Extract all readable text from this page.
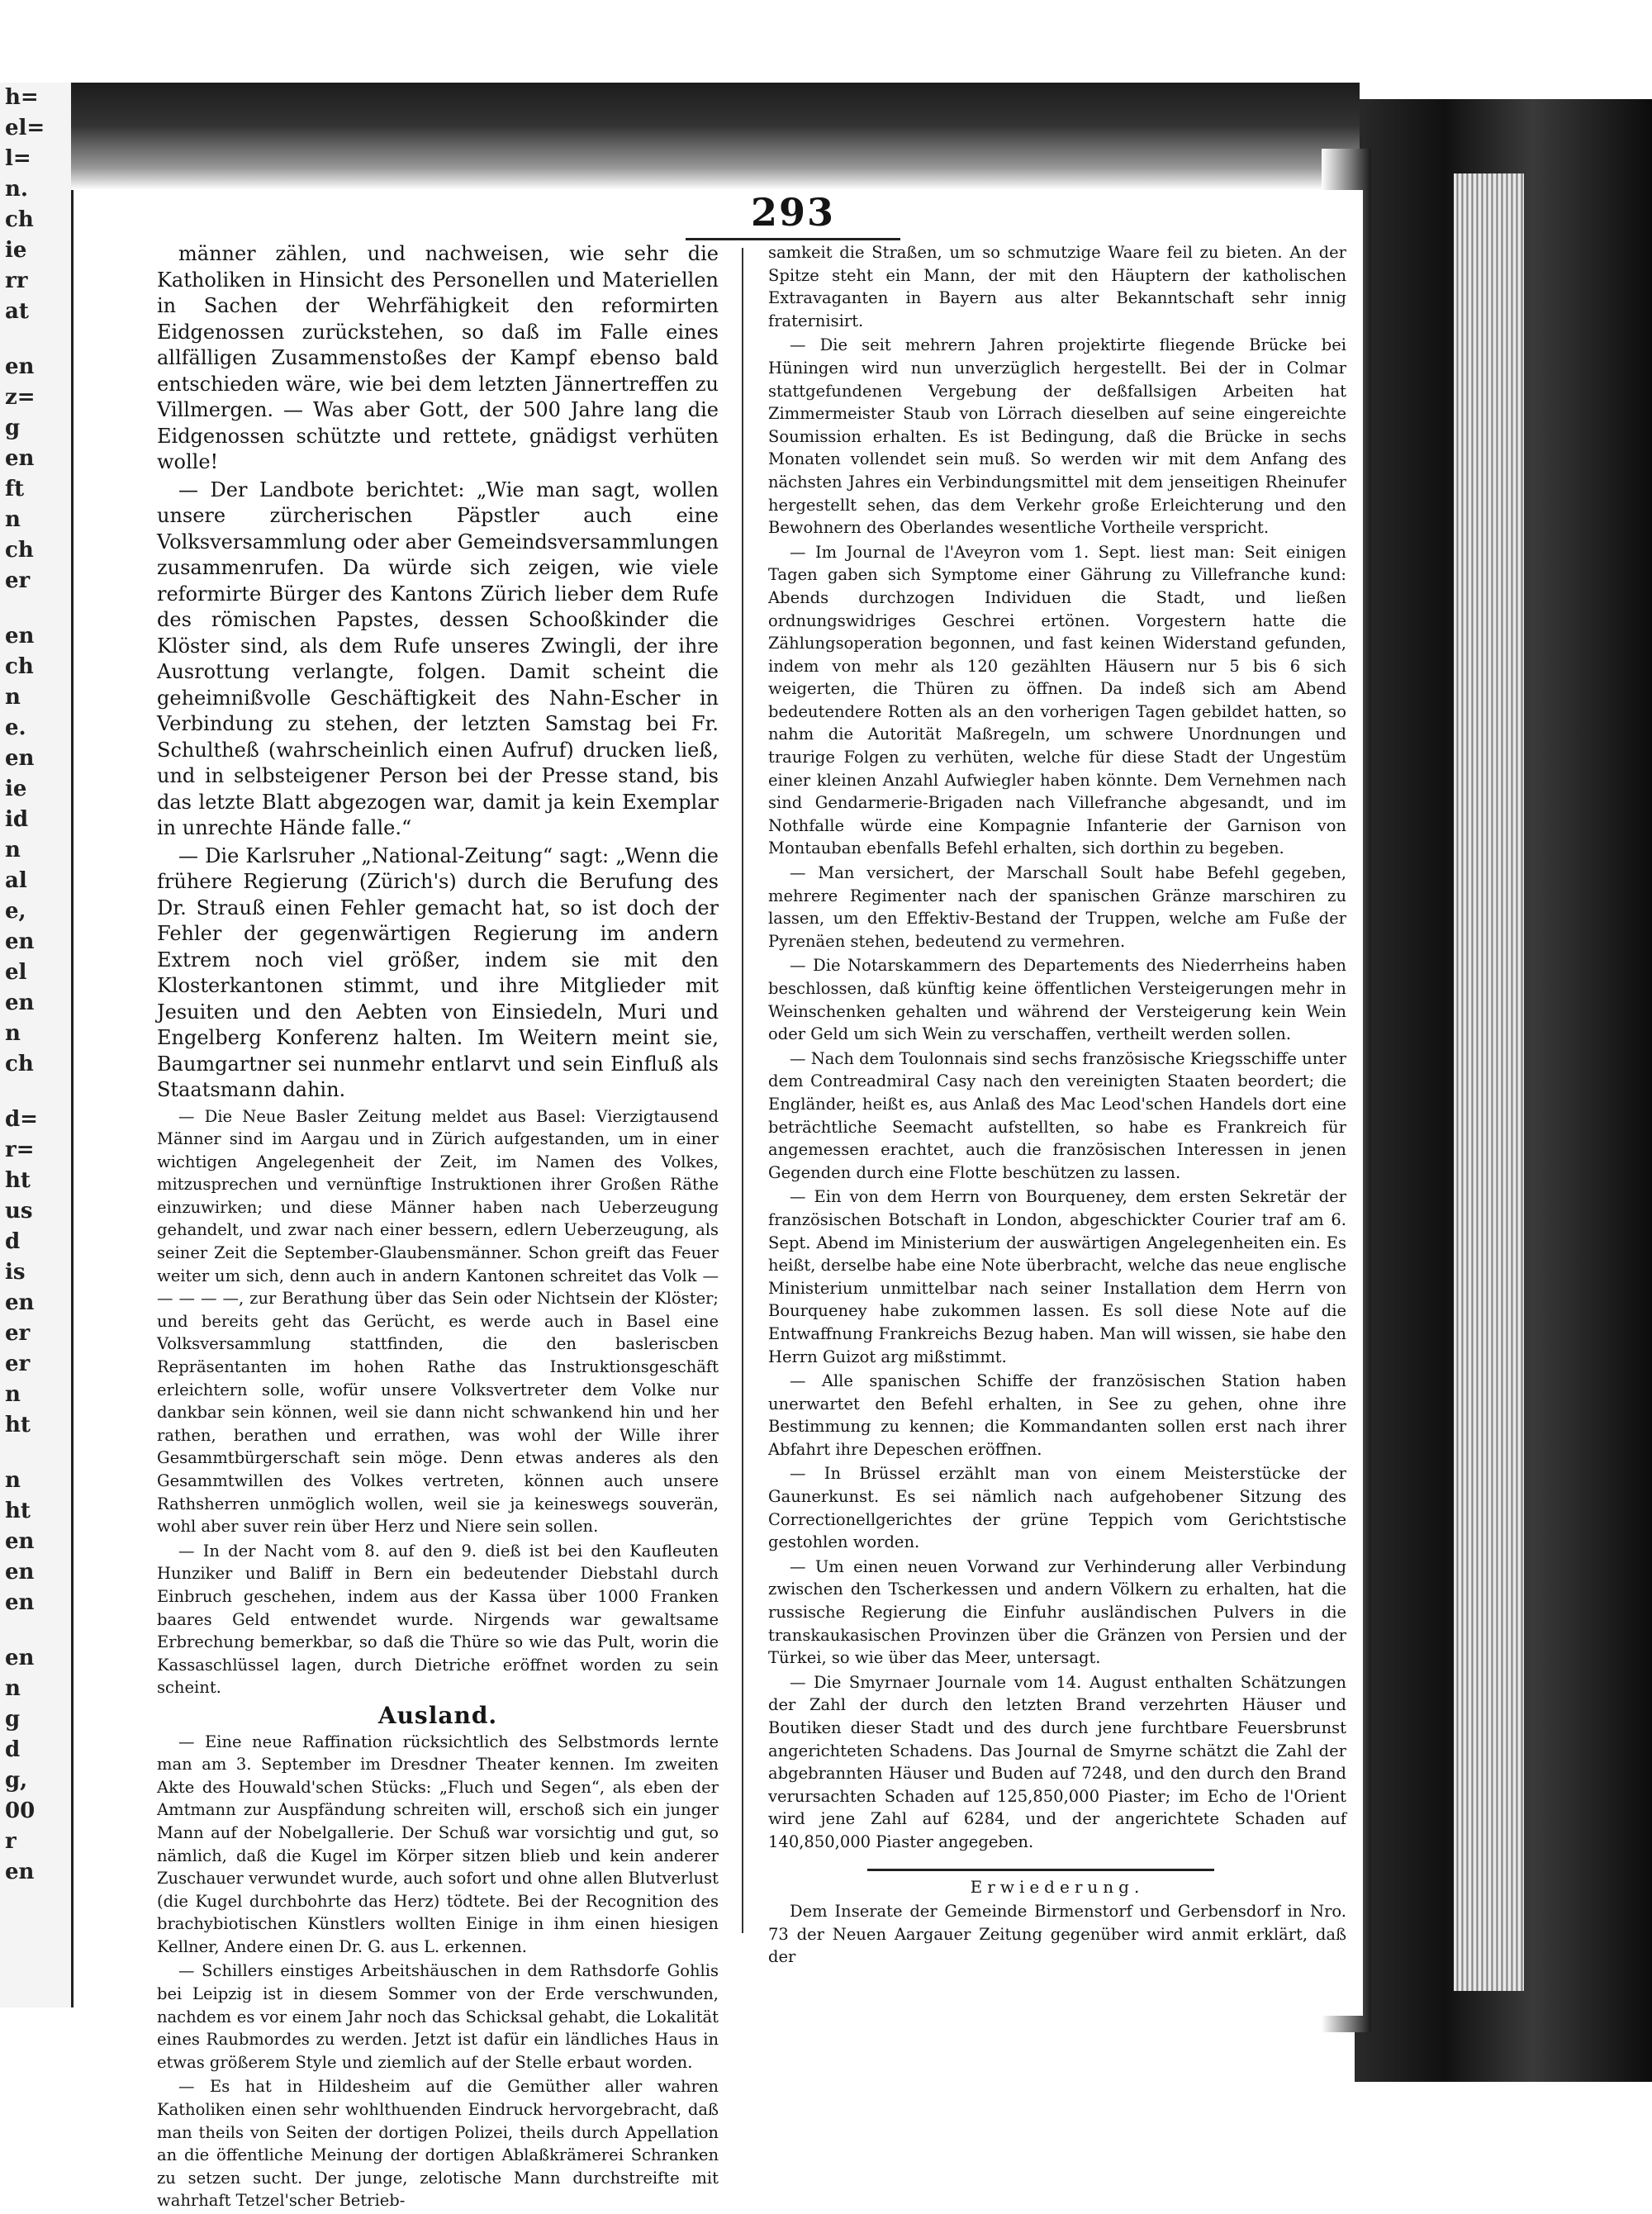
h=
el=
l=
n.
ch
ie
rr
at
en
z=
g
en
ft
n
ch
er
en
ch
n
e.
en
ie
id
n
al
e,
en
el
en
n
ch
d=
r=
ht
us
d
is
en
er
er
n
ht
n
ht
en
en
en
en
n
g
d
g,
00
r
en
293

männer zählen, und nachweisen, wie sehr die Katholiken in Hinsicht des Personellen und Materiellen in Sachen der Wehrfähigkeit den reformirten Eidgenossen zurückstehen, so daß im Falle eines allfälligen Zusammenstoßes der Kampf ebenso bald entschieden wäre, wie bei dem letzten Jännertreffen zu Villmergen. — Was aber Gott, der 500 Jahre lang die Eidgenossen schützte und rettete, gnädigst verhüten wolle!

— Der Landbote berichtet: „Wie man sagt, wollen unsere zürcherischen Päpstler auch eine Volksversammlung oder aber Gemeindsversammlungen zusammenrufen. Da würde sich zeigen, wie viele reformirte Bürger des Kantons Zürich lieber dem Rufe des römischen Papstes, dessen Schooßkinder die Klöster sind, als dem Rufe unseres Zwingli, der ihre Ausrottung verlangte, folgen. Damit scheint die geheimnißvolle Geschäftigkeit des Nahn-Escher in Verbindung zu stehen, der letzten Samstag bei Fr. Schultheß (wahrscheinlich einen Aufruf) drucken ließ, und in selbsteigener Person bei der Presse stand, bis das letzte Blatt abgezogen war, damit ja kein Exemplar in unrechte Hände falle.“

— Die Karlsruher „National-Zeitung“ sagt: „Wenn die frühere Regierung (Zürich's) durch die Berufung des Dr. Strauß einen Fehler gemacht hat, so ist doch der Fehler der gegenwärtigen Regierung im andern Extrem noch viel größer, indem sie mit den Klosterkantonen stimmt, und ihre Mitglieder mit Jesuiten und den Aebten von Einsiedeln, Muri und Engelberg Konferenz halten. Im Weitern meint sie, Baumgartner sei nunmehr entlarvt und sein Einfluß als Staatsmann dahin.

— Die Neue Basler Zeitung meldet aus Basel: Vierzigtausend Männer sind im Aargau und in Zürich aufgestanden, um in einer wichtigen Angelegenheit der Zeit, im Namen des Volkes, mitzusprechen und vernünftige Instruktionen ihrer Großen Räthe einzuwirken; und diese Männer haben nach Ueberzeugung gehandelt, und zwar nach einer bessern, edlern Ueberzeugung, als seiner Zeit die September-Glaubensmänner. Schon greift das Feuer weiter um sich, denn auch in andern Kantonen schreitet das Volk — — — — —, zur Berathung über das Sein oder Nichtsein der Klöster; und bereits geht das Gerücht, es werde auch in Basel eine Volksversammlung stattfinden, die den basleriscben Repräsentanten im hohen Rathe das Instruktionsgeschäft erleichtern solle, wofür unsere Volksvertreter dem Volke nur dankbar sein können, weil sie dann nicht schwankend hin und her rathen, berathen und errathen, was wohl der Wille ihrer Gesammtbürgerschaft sein möge. Denn etwas anderes als den Gesammtwillen des Volkes vertreten, können auch unsere Rathsherren unmöglich wollen, weil sie ja keineswegs souverän, wohl aber suver rein über Herz und Niere sein sollen.

— In der Nacht vom 8. auf den 9. dieß ist bei den Kaufleuten Hunziker und Baliff in Bern ein bedeutender Diebstahl durch Einbruch geschehen, indem aus der Kassa über 1000 Franken baares Geld entwendet wurde. Nirgends war gewaltsame Erbrechung bemerkbar, so daß die Thüre so wie das Pult, worin die Kassaschlüssel lagen, durch Dietriche eröffnet worden zu sein scheint.

Ausland.

— Eine neue Raffination rücksichtlich des Selbstmords lernte man am 3. September im Dresdner Theater kennen. Im zweiten Akte des Houwald'schen Stücks: „Fluch und Segen“, als eben der Amtmann zur Auspfändung schreiten will, erschoß sich ein junger Mann auf der Nobelgallerie. Der Schuß war vorsichtig und gut, so nämlich, daß die Kugel im Körper sitzen blieb und kein anderer Zuschauer verwundet wurde, auch sofort und ohne allen Blutverlust (die Kugel durchbohrte das Herz) tödtete. Bei der Recognition des brachybiotischen Künstlers wollten Einige in ihm einen hiesigen Kellner, Andere einen Dr. G. aus L. erkennen.

— Schillers einstiges Arbeitshäuschen in dem Rathsdorfe Gohlis bei Leipzig ist in diesem Sommer von der Erde verschwunden, nachdem es vor einem Jahr noch das Schicksal gehabt, die Lokalität eines Raubmordes zu werden. Jetzt ist dafür ein ländliches Haus in etwas größerem Style und ziemlich auf der Stelle erbaut worden.

— Es hat in Hildesheim auf die Gemüther aller wahren Katholiken einen sehr wohlthuenden Eindruck hervorgebracht, daß man theils von Seiten der dortigen Polizei, theils durch Appellation an die öffentliche Meinung der dortigen Ablaßkrämerei Schranken zu setzen sucht. Der junge, zelotische Mann durchstreifte mit wahrhaft Tetzel'scher Betrieb-

samkeit die Straßen, um so schmutzige Waare feil zu bieten. An der Spitze steht ein Mann, der mit den Häuptern der katholischen Extravaganten in Bayern aus alter Bekanntschaft sehr innig fraternisirt.

— Die seit mehrern Jahren projektirte fliegende Brücke bei Hüningen wird nun unverzüglich hergestellt. Bei der in Colmar stattgefundenen Vergebung der deßfallsigen Arbeiten hat Zimmermeister Staub von Lörrach dieselben auf seine eingereichte Soumission erhalten. Es ist Bedingung, daß die Brücke in sechs Monaten vollendet sein muß. So werden wir mit dem Anfang des nächsten Jahres ein Verbindungsmittel mit dem jenseitigen Rheinufer hergestellt sehen, das dem Verkehr große Erleichterung und den Bewohnern des Oberlandes wesentliche Vortheile verspricht.

— Im Journal de l'Aveyron vom 1. Sept. liest man: Seit einigen Tagen gaben sich Symptome einer Gährung zu Villefranche kund: Abends durchzogen Individuen die Stadt, und ließen ordnungswidriges Geschrei ertönen. Vorgestern hatte die Zählungsoperation begonnen, und fast keinen Widerstand gefunden, indem von mehr als 120 gezählten Häusern nur 5 bis 6 sich weigerten, die Thüren zu öffnen. Da indeß sich am Abend bedeutendere Rotten als an den vorherigen Tagen gebildet hatten, so nahm die Autorität Maßregeln, um schwere Unordnungen und traurige Folgen zu verhüten, welche für diese Stadt der Ungestüm einer kleinen Anzahl Aufwiegler haben könnte. Dem Vernehmen nach sind Gendarmerie-Brigaden nach Villefranche abgesandt, und im Nothfalle würde eine Kompagnie Infanterie der Garnison von Montauban ebenfalls Befehl erhalten, sich dorthin zu begeben.

— Man versichert, der Marschall Soult habe Befehl gegeben, mehrere Regimenter nach der spanischen Gränze marschiren zu lassen, um den Effektiv-Bestand der Truppen, welche am Fuße der Pyrenäen stehen, bedeutend zu vermehren.

— Die Notarskammern des Departements des Niederrheins haben beschlossen, daß künftig keine öffentlichen Versteigerungen mehr in Weinschenken gehalten und während der Versteigerung kein Wein oder Geld um sich Wein zu verschaffen, vertheilt werden sollen.

— Nach dem Toulonnais sind sechs französische Kriegsschiffe unter dem Contreadmiral Casy nach den vereinigten Staaten beordert; die Engländer, heißt es, aus Anlaß des Mac Leod'schen Handels dort eine beträchtliche Seemacht aufstellten, so habe es Frankreich für angemessen erachtet, auch die französischen Interessen in jenen Gegenden durch eine Flotte beschützen zu lassen.

— Ein von dem Herrn von Bourqueney, dem ersten Sekretär der französischen Botschaft in London, abgeschickter Courier traf am 6. Sept. Abend im Ministerium der auswärtigen Angelegenheiten ein. Es heißt, derselbe habe eine Note überbracht, welche das neue englische Ministerium unmittelbar nach seiner Installation dem Herrn von Bourqueney habe zukommen lassen. Es soll diese Note auf die Entwaffnung Frankreichs Bezug haben. Man will wissen, sie habe den Herrn Guizot arg mißstimmt.

— Alle spanischen Schiffe der französischen Station haben unerwartet den Befehl erhalten, in See zu gehen, ohne ihre Bestimmung zu kennen; die Kommandanten sollen erst nach ihrer Abfahrt ihre Depeschen eröffnen.

— In Brüssel erzählt man von einem Meisterstücke der Gaunerkunst. Es sei nämlich nach aufgehobener Sitzung des Correctionellgerichtes der grüne Teppich vom Gerichtstische gestohlen worden.

— Um einen neuen Vorwand zur Verhinderung aller Verbindung zwischen den Tscherkessen und andern Völkern zu erhalten, hat die russische Regierung die Einfuhr ausländischen Pulvers in die transkaukasischen Provinzen über die Gränzen von Persien und der Türkei, so wie über das Meer, untersagt.

— Die Smyrnaer Journale vom 14. August enthalten Schätzungen der Zahl der durch den letzten Brand verzehrten Häuser und Boutiken dieser Stadt und des durch jene furchtbare Feuersbrunst angerichteten Schadens. Das Journal de Smyrne schätzt die Zahl der abgebrannten Häuser und Buden auf 7248, und den durch den Brand verursachten Schaden auf 125,850,000 Piaster; im Echo de l'Orient wird jene Zahl auf 6284, und der angerichtete Schaden auf 140,850,000 Piaster angegeben.

Erwiederung.

Dem Inserate der Gemeinde Birmenstorf und Gerbensdorf in Nro. 73 der Neuen Aargauer Zeitung gegenüber wird anmit erklärt, daß der
